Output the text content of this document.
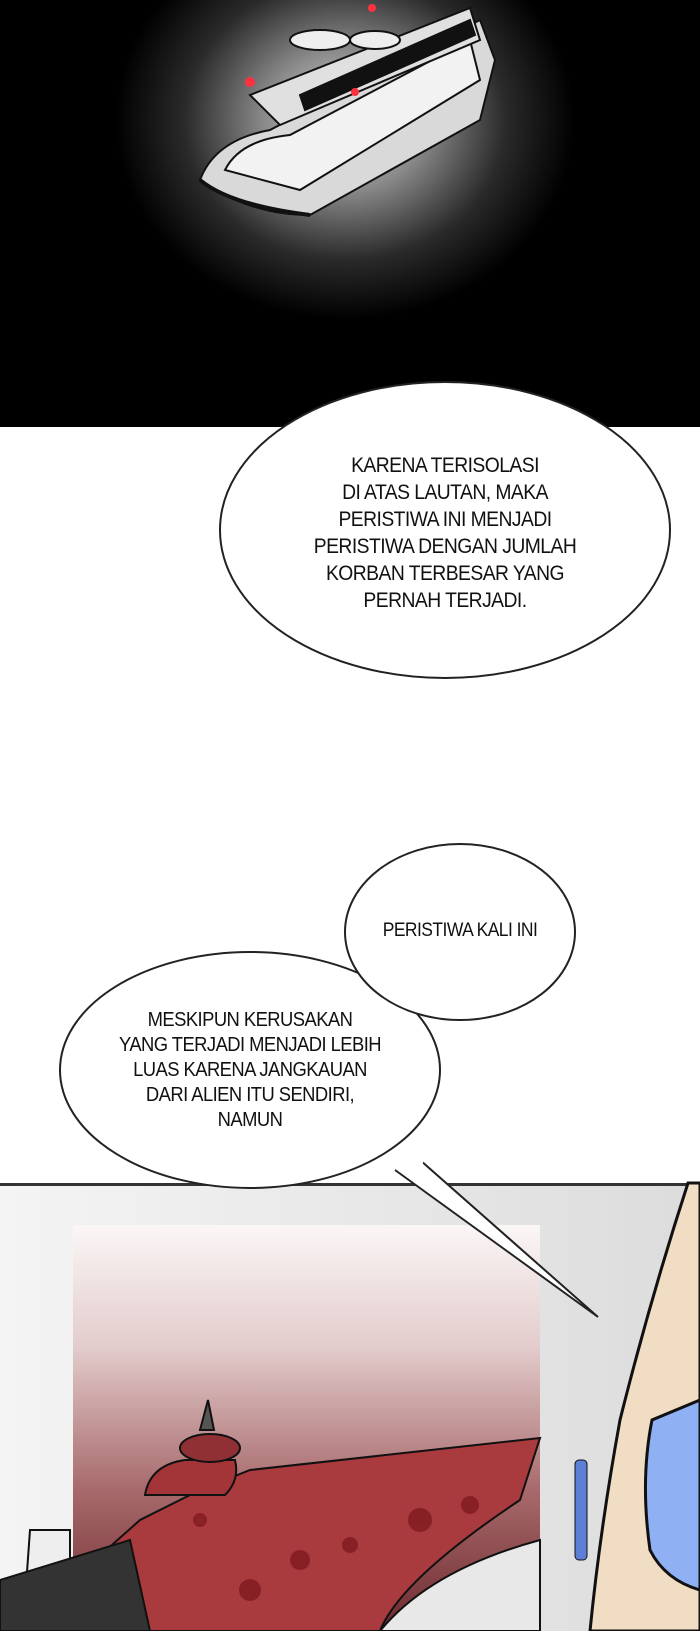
KARENA TERISOLASI
DI ATAS LAUTAN, MAKA
PERISTIWA INI MENJADI
PERISTIWA DENGAN JUMLAH
KORBAN TERBESAR YANG
PERNAH TERJADI.
PERISTIWA KALI INI
MESKIPUN KERUSAKAN
YANG TERJADI MENJADI LEBIH
LUAS KARENA JANGKAUAN
DARI ALIEN ITU SENDIRI,
NAMUN
